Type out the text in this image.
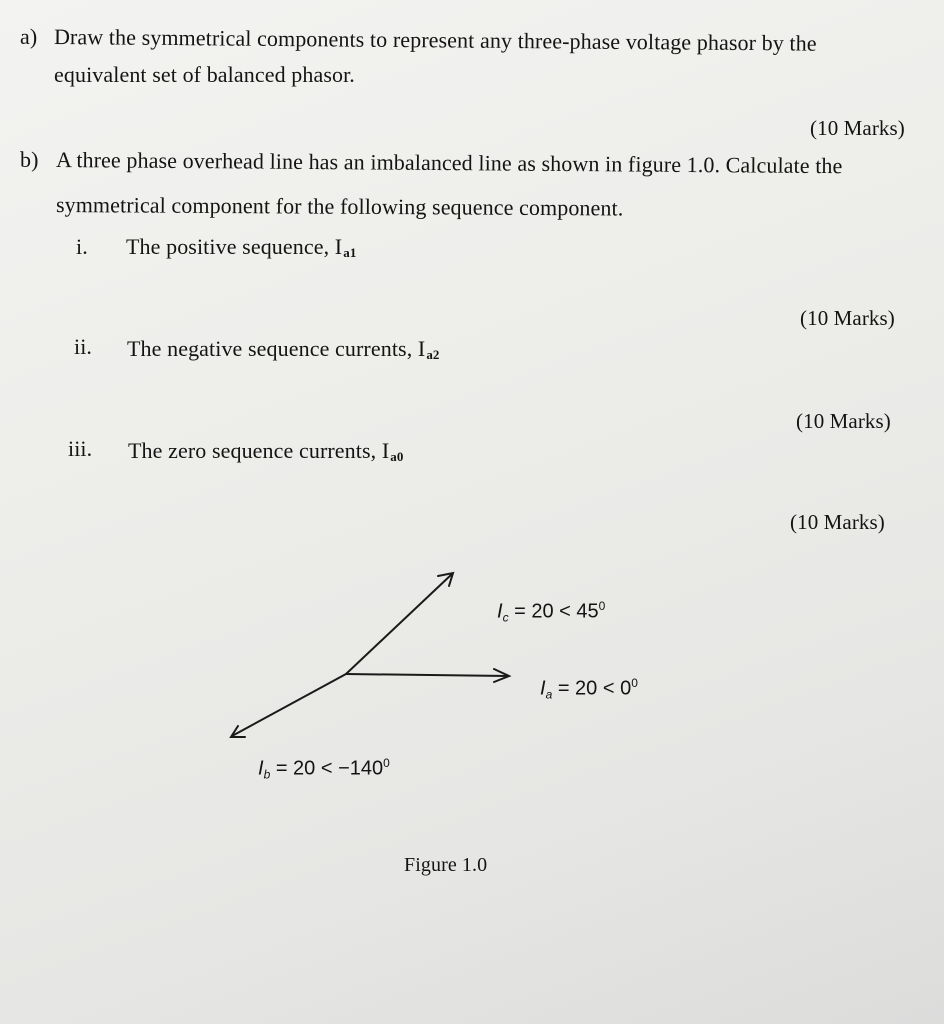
a) Draw the symmetrical components to represent any three-phase voltage phasor by the
equivalent set of balanced phasor.
(10 Marks)
b) A three phase overhead line has an imbalanced line as shown in figure 1.0. Calculate the
symmetrical component for the following sequence component.
i. The positive sequence, $I_{a1}$
(10 Marks)
ii. The negative sequence currents, $I_{a2}$
(10 Marks)
iii. The zero sequence currents, $I_{a0}$
(10 Marks)
$I_c = 20 < 45^0$
$I_a = 20 < 0^0$
$I_b = 20 < -140^0$
Figure 1.0
